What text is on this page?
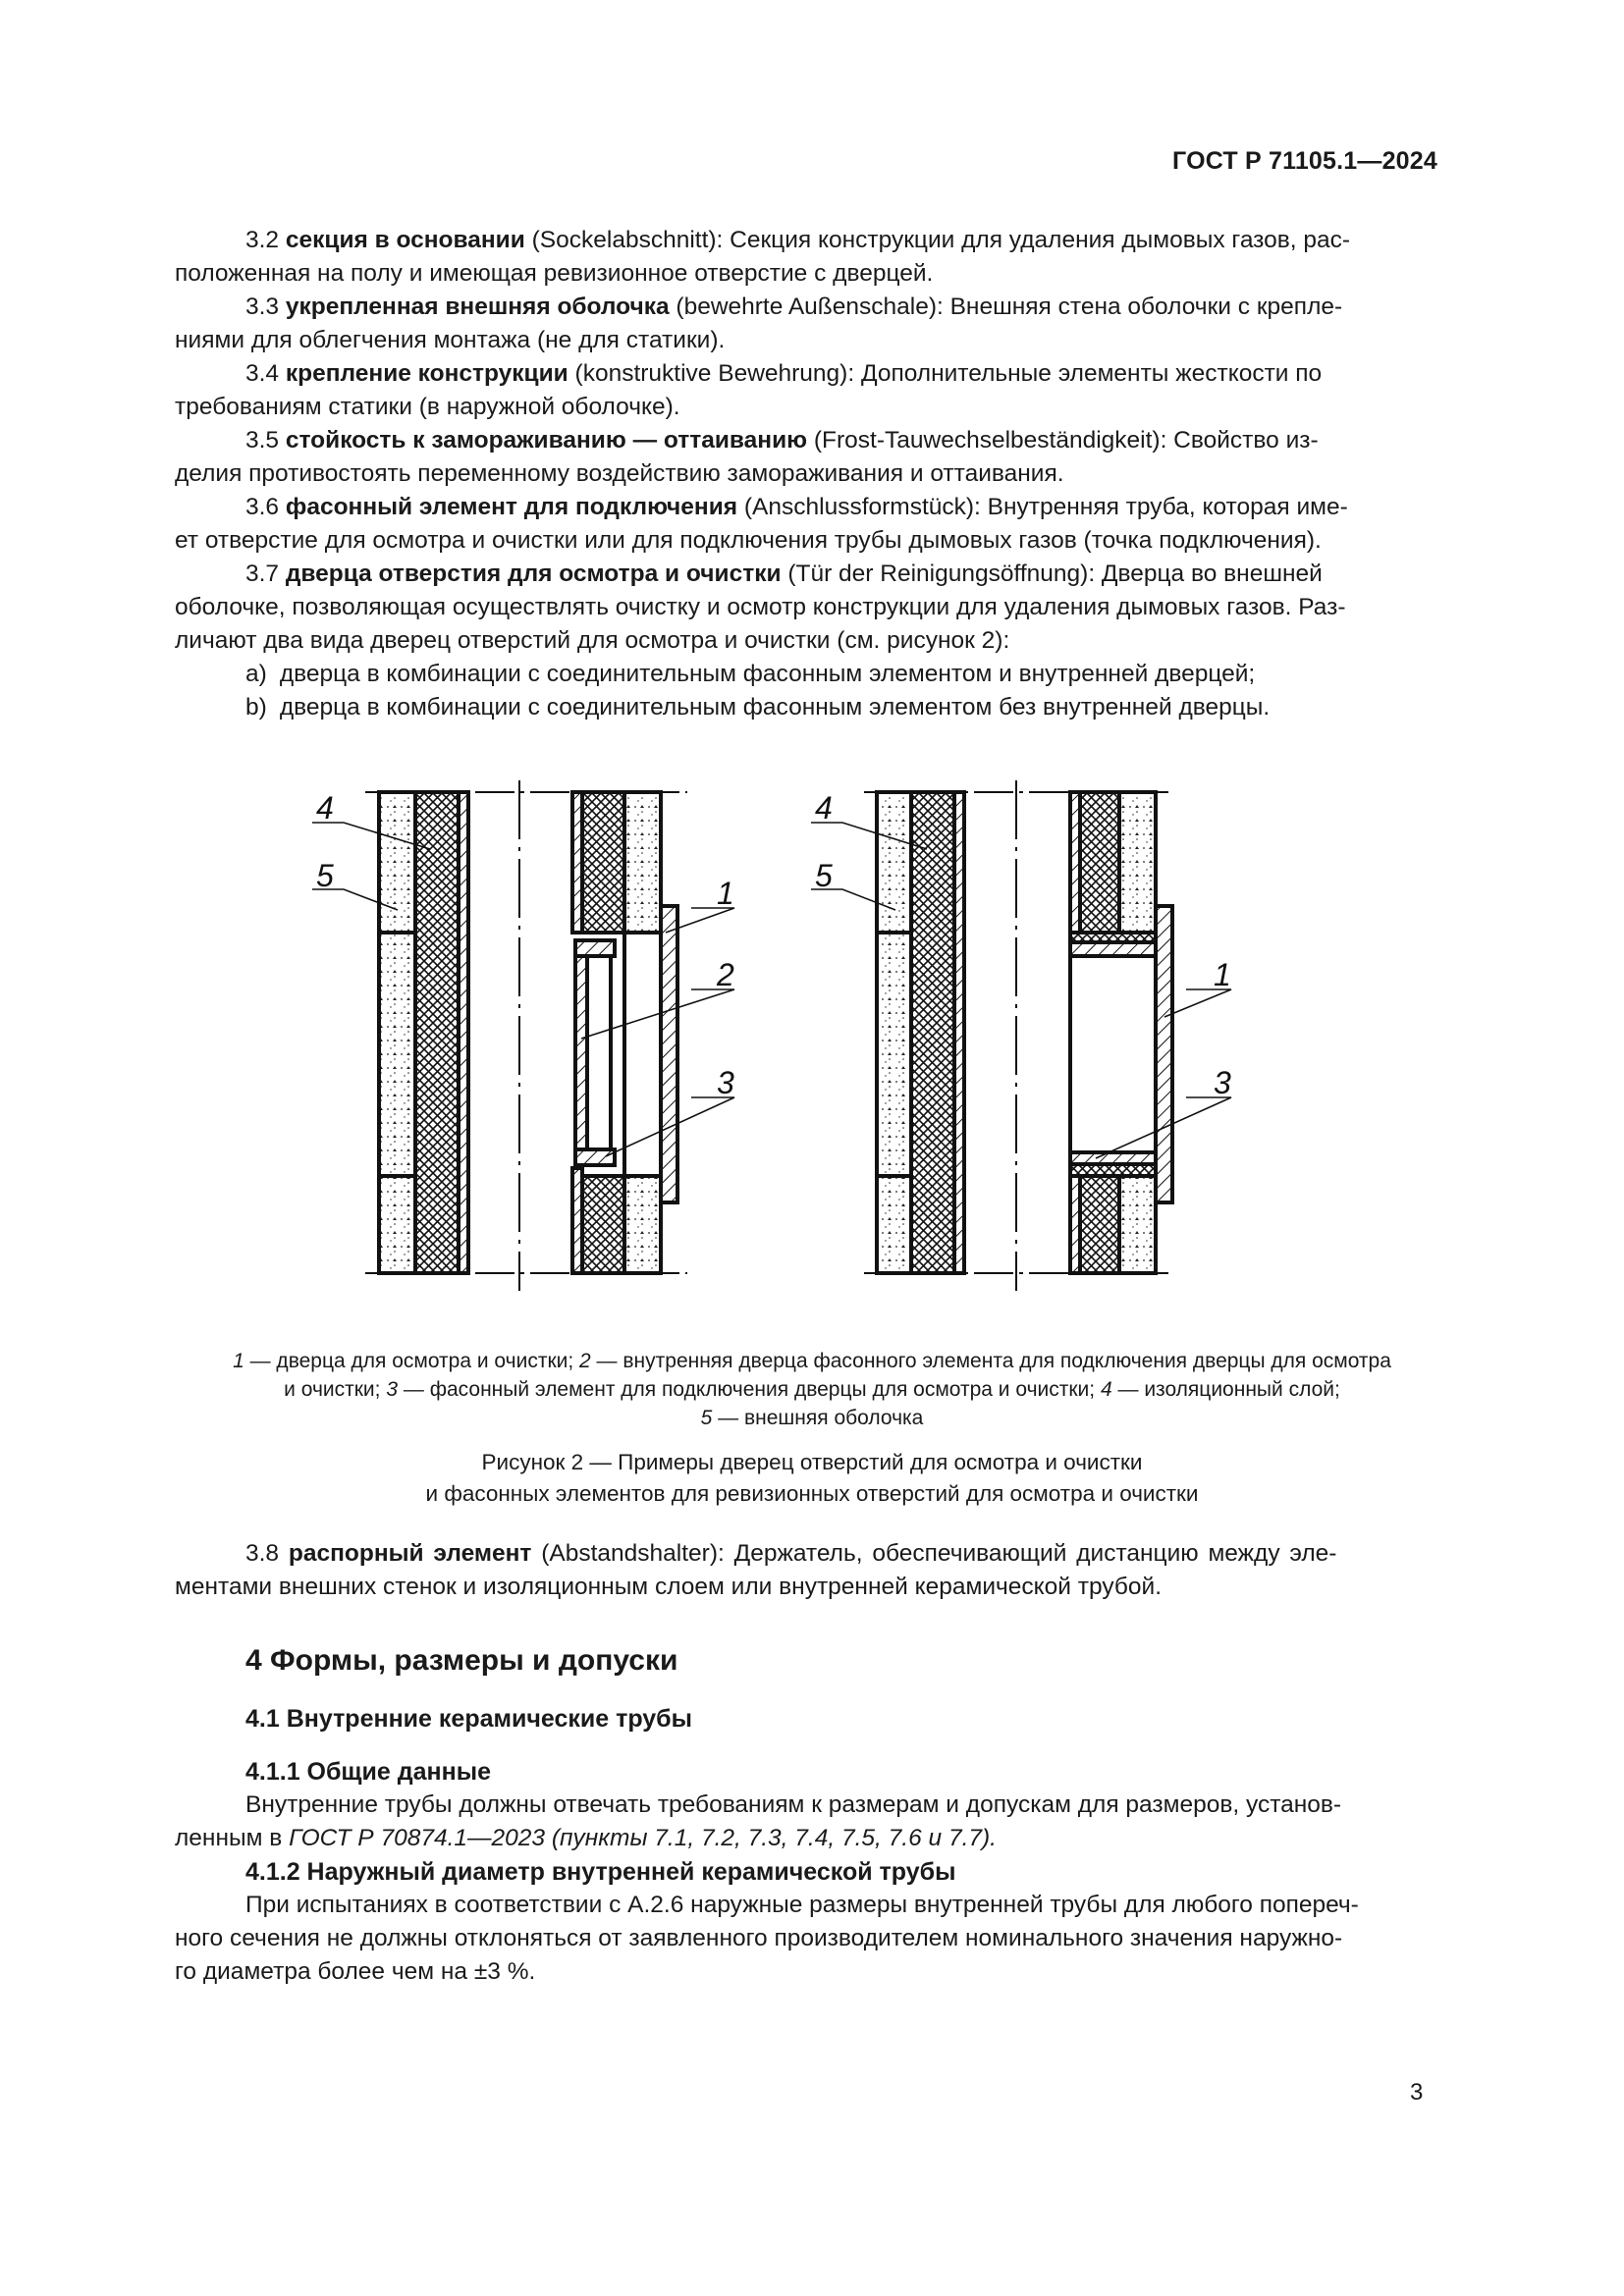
ГОСТ Р 71105.1—2024

3.2 секция в основании (Sockelabschnitt): Секция конструкции для удаления дымовых газов, рас-

положенная на полу и имеющая ревизионное отверстие с дверцей.

3.3 укрепленная внешняя оболочка (bewehrte Außenschale): Внешняя стена оболочки с крепле-

ниями для облегчения монтажа (не для статики).

3.4 крепление конструкции (konstruktive Bewehrung): Дополнительные элементы жесткости по

требованиям статики (в наружной оболочке).

3.5 стойкость к замораживанию — оттаиванию (Frost-Tauwechselbeständigkeit): Свойство из-

делия противостоять переменному воздействию замораживания и оттаивания.

3.6 фасонный элемент для подключения (Anschlussformstück): Внутренняя труба, которая име-

ет отверстие для осмотра и очистки или для подключения трубы дымовых газов (точка подключения).

3.7 дверца отверстия для осмотра и очистки (Tür der Reinigungsöffnung): Дверца во внешней

оболочке, позволяющая осуществлять очистку и осмотр конструкции для удаления дымовых газов. Раз-

личают два вида дверец отверстий для осмотра и очистки (см. рисунок 2):

a) дверца в комбинации с соединительным фасонным элементом и внутренней дверцей;

b) дверца в комбинации с соединительным фасонным элементом без внутренней дверцы.

4
5	1
2
3
4
5
1
3
1 — дверца для осмотра и очистки; 2 — внутренняя дверца фасонного элемента для подключения дверцы для осмотра
и очистки; 3 — фасонный элемент для подключения дверцы для осмотра и очистки; 4 — изоляционный слой;
5 — внешняя оболочка
Рисунок 2 — Примеры дверец отверстий для осмотра и очистки
и фасонных элементов для ревизионных отверстий для осмотра и очистки

3.8 распорный элемент (Abstandshalter): Держатель, обеспечивающий дистанцию между эле-

ментами внешних стенок и изоляционным слоем или внутренней керамической трубой.

4 Формы, размеры и допуски
4.1 Внутренние керамические трубы
4.1.1 Общие данные

Внутренние трубы должны отвечать требованиям к размерам и допускам для размеров, установ-

ленным в ГОСТ Р 70874.1—2023 (пункты 7.1, 7.2, 7.3, 7.4, 7.5, 7.6 и 7.7).

4.1.2 Наружный диаметр внутренней керамической трубы

При испытаниях в соответствии с А.2.6 наружные размеры внутренней трубы для любого попереч-

ного сечения не должны отклоняться от заявленного производителем номинального значения наружно-

го диаметра более чем на ±3 %.

3
